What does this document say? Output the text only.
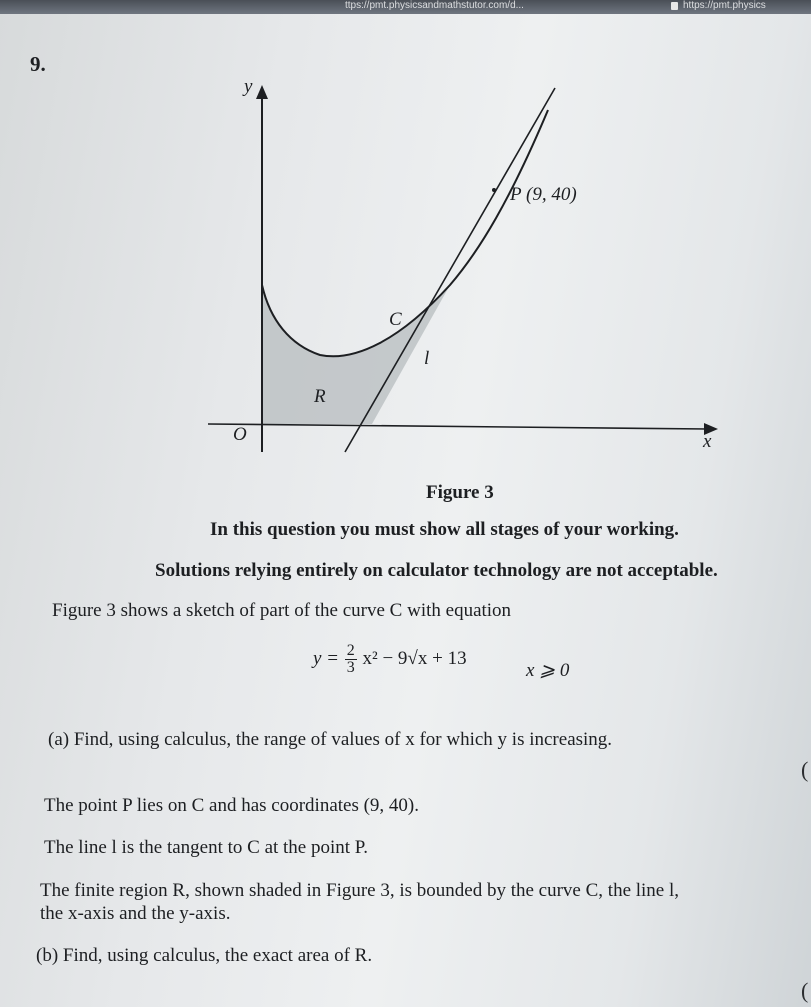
ttps://pmt.physicsandmathstutor.com/d...	https://pmt.physics
9.
y
x
O
P (9, 40)
C
l
R
Figure 3
In this question you must show all stages of your working.
Solutions relying entirely on calculator technology are not acceptable.
Figure 3 shows a sketch of part of the curve C with equation
$y = \frac{2}{3} x^2 - 9√x + 13$
x ⩾ 0
(a) Find, using calculus, the range of values of x for which y is increasing.
(
The point P lies on C and has coordinates (9, 40).
The line l is the tangent to C at the point P.
The finite region R, shown shaded in Figure 3, is bounded by the curve C, the line l,
the x-axis and the y-axis.
(b) Find, using calculus, the exact area of R.
(
